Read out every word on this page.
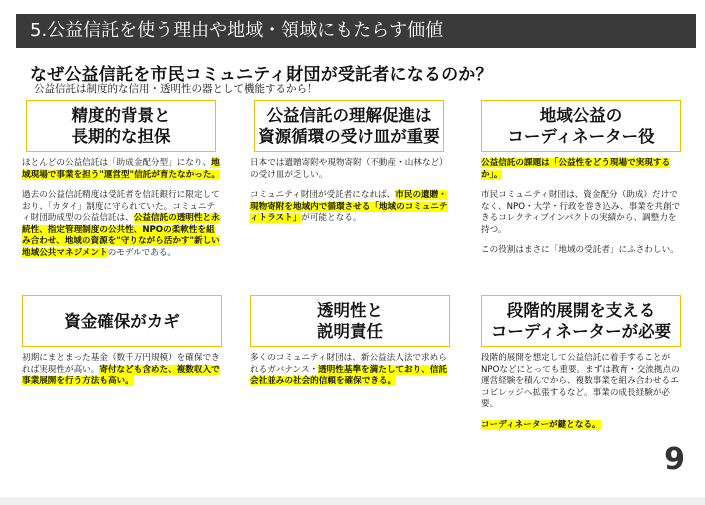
5.公益信託を使う理由や地域・領域にもたらす価値
なぜ公益信託を市民コミュニティ財団が受託者になるのか？
公益信託は制度的な信用・透明性の器として機能するから！
精度的背景と
長期的な担保

ほとんどの公益信託は「助成金配分型」になり、地域現場で事業を担う"運営型"信託が育たなかった。

過去の公益信託精度は受託者を信託銀行に限定しており、「カタイ」制度に守られていた。コミュニティ財団助成型の公益信託は、公益信託の透明性と永続性、指定管理制度の公共性、NPOの柔軟性を組み合わせ、地域の資源を"守りながら活かす"新しい地域公共マネジメントのモデルである。

公益信託の理解促進は
資源循環の受け皿が重要

日本では遺贈寄附や現物寄附（不動産・山林など）の受け皿が乏しい。

コミュニティ財団が受託者になれば、市民の遺贈・現物寄附を地域内で循環させる「地域のコミュニティトラスト」が可能となる。

地域公益の
コーディネーター役

公益信託の課題は「公益性をどう現場で実現するか」。

市民コミュニティ財団は、資金配分（助成）だけでなく、NPO・大学・行政を巻き込み、事業を共創できるコレクティブインパクトの実績から、調整力を持つ。

この役割はまさに「地域の受託者」にふさわしい。

資金確保がカギ

初期にまとまった基金（数千万円規模）を確保できれば実現性が高い。寄付なども含めた、複数収入で事業展開を行う方法も高い。

透明性と
説明責任

多くのコミュニティ財団は、新公益法人法で求められるガバナンス・透明性基準を満たしており、信託会社並みの社会的信頼を確保できる。

段階的展開を支える
コーディネーターが必要

段階的展開を想定して公益信託に着手することがNPOなどにとっても重要。まずは教育・交流拠点の運営経験を積んでから、複数事業を組み合わせるエコビレッジへ拡張するなど。事業の成長経験が必要。

コーディネーターが鍵となる。

9
